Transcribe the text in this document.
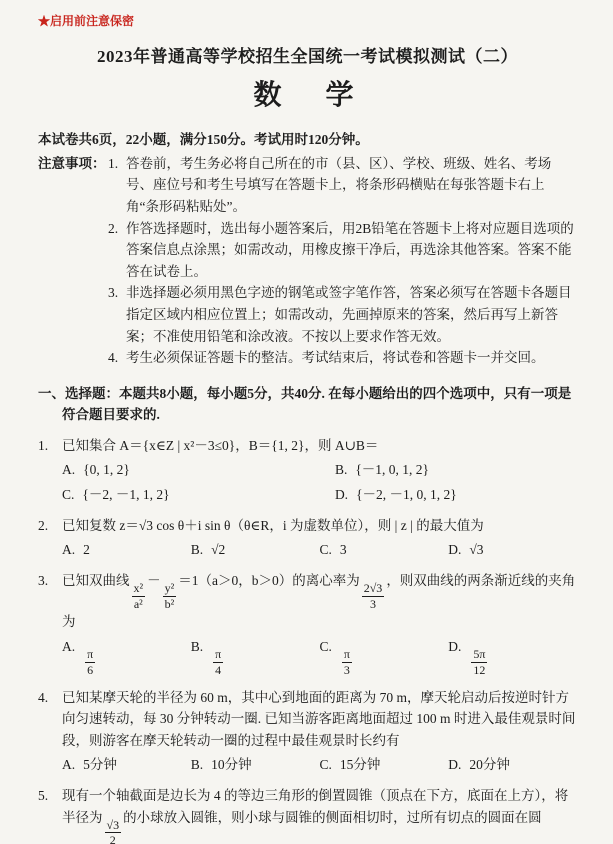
★启用前注意保密
2023年普通高等学校招生全国统一考试模拟测试（二）
数　学
本试卷共6页，22小题，满分150分。考试用时120分钟。
注意事项： 1. 答卷前，考生务必将自己所在的市（县、区）、学校、班级、姓名、考场号、座位号和考生号填写在答题卡上，将条形码横贴在每张答题卡右上角“条形码粘贴处”。
2. 作答选择题时，选出每小题答案后，用2B铅笔在答题卡上将对应题目选项的答案信息点涂黑；如需改动，用橡皮擦干净后，再选涂其他答案。答案不能答在试卷上。
3. 非选择题必须用黑色字迹的钢笔或签字笔作答，答案必须写在答题卡各题目指定区域内相应位置上；如需改动，先画掉原来的答案，然后再写上新答案；不准使用铅笔和涂改液。不按以上要求作答无效。
4. 考生必须保证答题卡的整洁。考试结束后，将试卷和答题卡一并交回。
一、选择题：本题共8小题，每小题5分，共40分. 在每小题给出的四个选项中，只有一项是符合题目要求的.
1.	已知集合 A＝{x∈Z | x²－3≤0}，B＝{1, 2}，则 A∪B＝
A. {0, 1, 2}	B. {－1, 0, 1, 2}
C. {－2, －1, 1, 2}	D. {－2, －1, 0, 1, 2}
2.	已知复数 z＝√3 cos θ＋i sin θ（θ∈R，i 为虚数单位），则 | z | 的最大值为
A. 2	B. √2	C. 3	D. √3
3.	已知双曲线
$\frac{\text{x²}}{\text{a²}}$
－
$\frac{\text{y²}}{\text{b²}}$
＝1（a＞0，b＞0）的离心率为
$\frac{2√3}{3}$
，则双曲线的两条渐近线的夹角为
A.
$\frac{\pi}{6}$
B.
$\frac{\pi}{4}$
C.
$\frac{\pi}{3}$
D.
$\frac{5\pi}{12}$
4.	已知某摩天轮的半径为 60 m，其中心到地面的距离为 70 m，摩天轮启动后按逆时针方向匀速转动，每 30 分钟转动一圈. 已知当游客距离地面超过 100 m 时进入最佳观景时间段，则游客在摩天轮转动一圈的过程中最佳观景时长约有
A. 5分钟	B. 10分钟	C. 15分钟	D. 20分钟
5.	现有一个轴截面是边长为 4 的等边三角形的倒置圆锥（顶点在下方，底面在上方），将半径为
$\frac{√3}{2}$
的小球放入圆锥，则小球与圆锥的侧面相切时，过所有切点的圆面在圆
